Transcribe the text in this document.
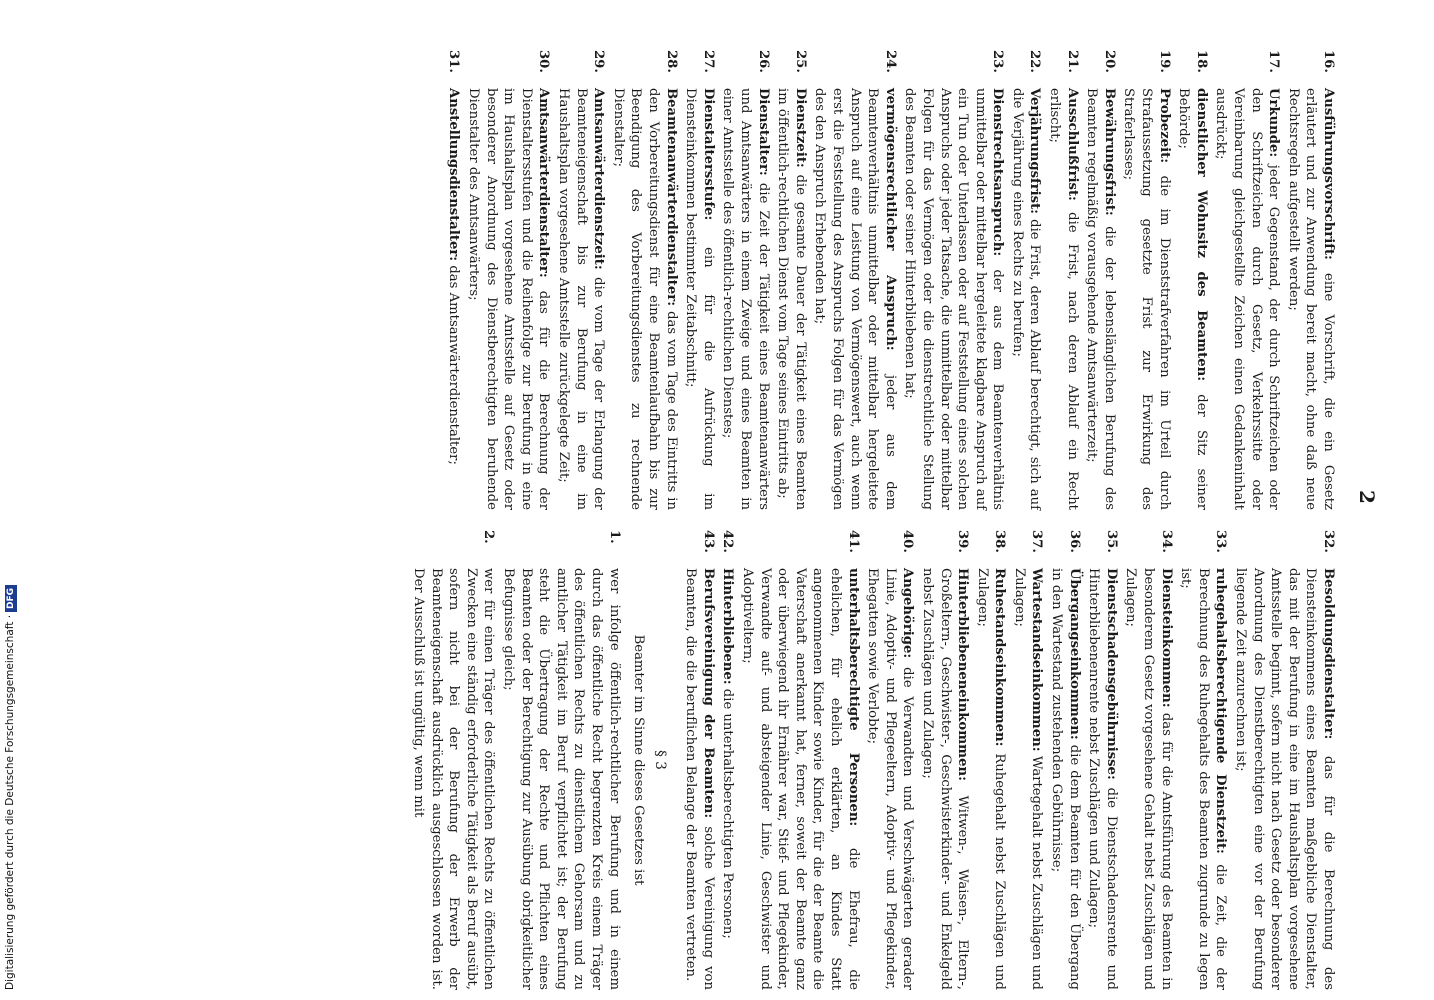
2
16.
Ausführungsvorschrift: eine Vorschrift, die ein Gesetz erläutert und zur Anwendung bereit macht, ohne daß neue Rechtsregeln aufgestellt werden;
17.
Urkunde: jeder Gegenstand, der durch Schriftzeichen oder den Schriftzeichen durch Gesetz, Verkehrssitte oder Vereinbarung gleichgestellte Zeichen einen Gedankeninhalt ausdrückt;
18.
dienstlicher Wohnsitz des Beamten: der Sitz seiner Behörde;
19.
Probezeit: die im Dienststrafverfahren im Urteil durch Strafaussetzung gesetzte Frist zur Erwirkung des Straferlasses;
20.
Bewährungsfrist: die der lebenslänglichen Berufung des Beamten regelmäßig vorausgehende Amtsanwärterzeit;
21.
Ausschlußfrist: die Frist, nach deren Ablauf ein Recht erlischt;
22.
Verjährungsfrist: die Frist, deren Ablauf berechtigt, sich auf die Verjährung eines Rechts zu berufen;
23.
Dienstrechtsanspruch: der aus dem Beamtenverhältnis unmittelbar oder mittelbar hergeleitete klagbare Anspruch auf ein Tun oder Unterlassen oder auf Feststellung eines solchen Anspruchs oder jeder Tatsache, die unmittelbar oder mittelbar Folgen für das Vermögen oder die dienstrechtliche Stellung des Beamten oder seiner Hinterbliebenen hat;
24.
vermögensrechtlicher Anspruch: jeder aus dem Beamtenverhältnis unmittelbar oder mittelbar hergeleitete Anspruch auf eine Leistung von Vermögenswert, auch wenn erst die Feststellung des Anspruchs Folgen für das Vermögen des den Anspruch Erhebenden hat;
25.
Dienstzeit: die gesamte Dauer der Tätigkeit eines Beamten im öffentlich-rechtlichen Dienst vom Tage seines Eintritts ab;
26.
Dienstalter: die Zeit der Tätigkeit eines Beamtenanwärters und Amtsanwärters in einem Zweige und eines Beamten in einer Amtsstelle des öffentlich-rechtlichen Dienstes;
27.
Dienstaltersstufe: ein für die Aufrückung im Diensteinkommen bestimmter Zeitabschnitt;
28.
Beamtenanwärterdienstalter: das vom Tage des Eintritts in den Vorbereitungsdienst für eine Beamtenlaufbahn bis zur Beendigung des Vorbereitungsdienstes zu rechnende Dienstalter;
29.
Amtsanwärterdienstzeit: die vom Tage der Erlangung der Beamteneigenschaft bis zur Berufung in eine im Haushaltsplan vorgesehene Amtsstelle zurückgelegte Zeit;
30.
Amtsanwärterdienstalter: das für die Berechnung der Dienstaltersstufen und die Reihenfolge zur Berufung in eine im Haushaltsplan vorgesehene Amtsstelle auf Gesetz oder besonderer Anordnung des Dienstberechtigten beruhende Dienstalter des Amtsanwärters;
31.
Anstellungsdienstalter: das Amtsanwärterdienstalter;
32.
Besoldungsdienstalter: das für die Berechnung des Diensteinkommens eines Beamten maßgebliche Dienstalter, das mit der Berufung in eine im Haushaltsplan vorgesehene Amtsstelle beginnt, sofern nicht nach Gesetz oder besonderer Anordnung des Dienstberechtigten eine vor der Berufung liegende Zeit anzurechnen ist;
33.
ruhegehaltsberechtigende Dienstzeit: die Zeit, die der Berechnung des Ruhegehalts des Beamten zugrunde zu legen ist;
34.
Diensteinkommen: das für die Amtsführung des Beamten in besonderem Gesetz vorgesehene Gehalt nebst Zuschlägen und Zulagen;
35.
Dienstschadensgebührnisse: die Dienstschadensrente und Hinterbliebenenrente nebst Zuschlägen und Zulagen;
36.
Übergangseinkommen: die dem Beamten für den Übergang in den Wartestand zustehenden Gebührnisse;
37.
Wartestandseinkommen: Wartegehalt nebst Zuschlägen und Zulagen;
38.
Ruhestandseinkommen: Ruhegehalt nebst Zuschlägen und Zulagen;
39.
Hinterbliebeneneinkommen: Witwen-, Waisen-, Eltern-, Großeltern-, Geschwister-, Geschwisterkinder- und Enkelgeld nebst Zuschlägen und Zulagen;
40.
Angehörige: die Verwandten und Verschwägerten gerader Linie, Adoptiv- und Pflegeeltern, Adoptiv- und Pflegekinder, Ehegatten sowie Verlobte;
41.
unterhaltsberechtigte Personen: die Ehefrau, die ehelichen, für ehelich erklärten, an Kindes Statt angenommenen Kinder sowie Kinder, für die der Beamte die Vaterschaft anerkannt hat, ferner, soweit der Beamte ganz oder überwiegend ihr Ernährer war, Stief- und Pflegekinder, Verwandte auf- und absteigender Linie, Geschwister und Adoptiveltern;
42.
Hinterbliebene: die unterhaltsberechtigten Personen;
43.
Berufsvereinigung der Beamten: solche Vereinigung von Beamten, die die beruflichen Belange der Beamten vertreten.
§ 3
Beamter im Sinne dieses Gesetzes ist
1.
wer infolge öffentlich-rechtlicher Berufung und in einem durch das öffentliche Recht begrenzten Kreis einem Träger des öffentlichen Rechts zu dienstlichem Gehorsam und zu amtlicher Tätigkeit im Beruf verpflichtet ist; der Berufung steht die Übertragung der Rechte und Pflichten eines Beamten oder der Berechtigung zur Ausübung obrigkeitlicher Befugnisse gleich;
2.
wer für einen Träger des öffentlichen Rechts zu öffentlichen Zwecken eine ständig erforderliche Tätigkeit als Beruf ausübt, sofern nicht bei der Berufung der Erwerb der Beamteneigenschaft ausdrücklich ausgeschlossen worden ist. Der Ausschluß ist ungültig, wenn mit
Digitalisierung gefördert durch die Deutsche Forschungsgemeinschaft ·DFG
